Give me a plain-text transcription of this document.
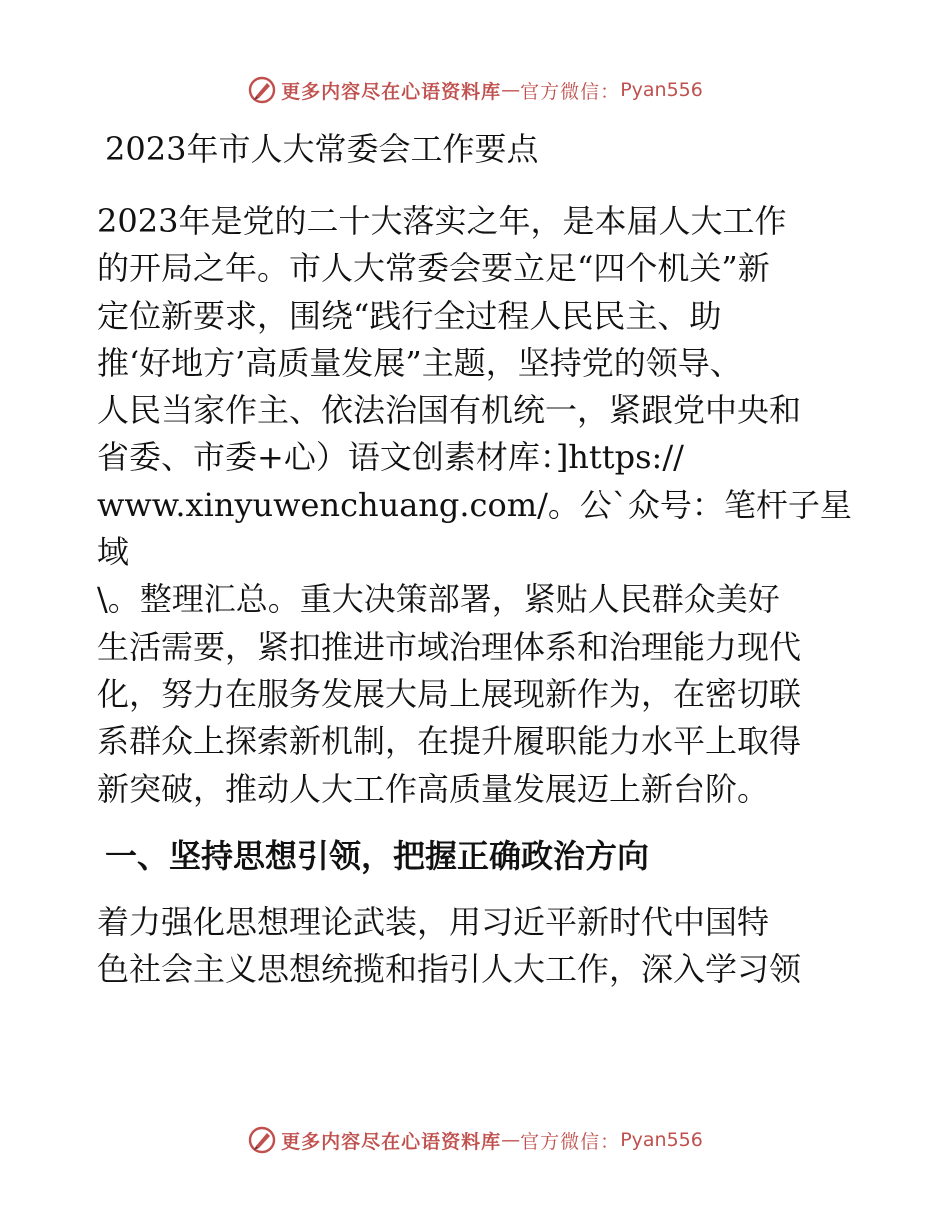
更多内容尽在心语资料库 — 官方微信： Pyan556
2023年市人大常委会工作要点

2023年是党的二十大落实之年，是本届人大工作
的开局之年。市人大常委会要立足“四个机关”新
定位新要求，围绕“践行全过程人民民主、助
推‘好地方’高质量发展”主题，坚持党的领导、
人民当家作主、依法治国有机统一，紧跟党中央和
省委、市委+心）语文创素材库：]https://
www.xinyuwenchuang.com/。公`众号：笔杆子星域
\。整理汇总。重大决策部署，紧贴人民群众美好
生活需要，紧扣推进市域治理体系和治理能力现代
化，努力在服务发展大局上展现新作为，在密切联
系群众上探索新机制，在提升履职能力水平上取得
新突破，推动人大工作高质量发展迈上新台阶。

一、坚持思想引领，把握正确政治方向

着力强化思想理论武装，用习近平新时代中国特
色社会主义思想统揽和指引人大工作，深入学习领

更多内容尽在心语资料库 — 官方微信： Pyan556
